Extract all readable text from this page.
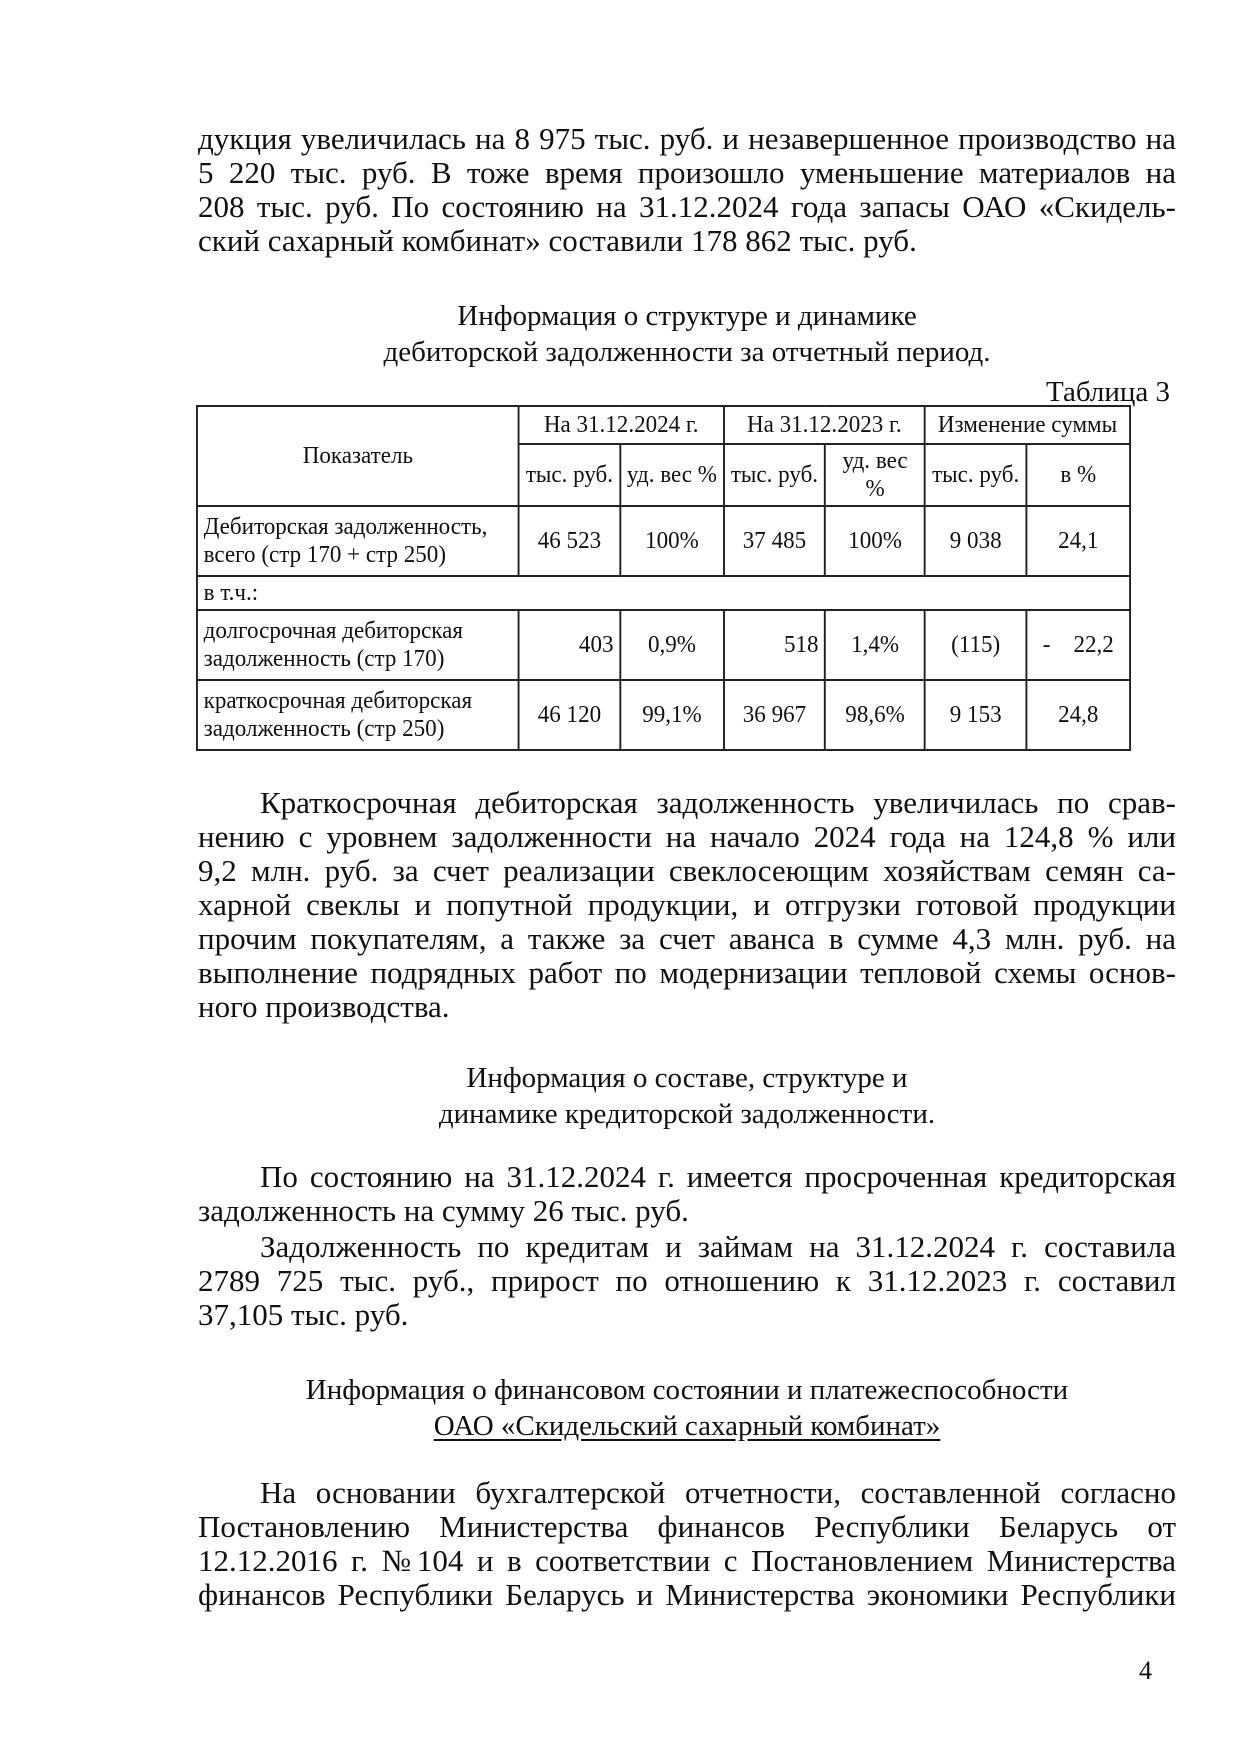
дукция увеличилась на 8 975 тыс. руб. и незавершенное производство на
5 220 тыс. руб. В тоже время произошло уменьшение материалов на
208 тыс. руб. По состоянию на 31.12.2024 года запасы ОАО «Скидель-
ский сахарный комбинат» составили 178 862 тыс. руб.
Информация о структуре и динамике
дебиторской задолженности за отчетный период.
Таблица 3
Показатель	На 31.12.2024 г.		На 31.12.2023 г.		Изменение суммы	
	тыс. руб.	уд. вес %	тыс. руб.	уд. вес %	тыс. руб.	в %
Дебиторская задолженность, всего (стр 170 + стр 250)	46 523	100%	37 485	100%	9 038	24,1
в т.ч.:						
долгосрочная дебиторская задолженность (стр 170)	403	0,9%	518	1,4%	(115)	-    22,2
краткосрочная дебиторская задолженность (стр 250)	46 120	99,1%	36 967	98,6%	9 153	24,8
Краткосрочная дебиторская задолженность увеличилась по срав-
нению с уровнем задолженности на начало 2024 года на 124,8 % или
9,2 млн. руб. за счет реализации свеклосеющим хозяйствам семян са-
харной свеклы и попутной продукции, и отгрузки готовой продукции
прочим покупателям, а также за счет аванса в сумме 4,3 млн. руб. на
выполнение подрядных работ по модернизации тепловой схемы основ-
ного производства.
Информация о составе, структуре и
динамике кредиторской задолженности.
По состоянию на 31.12.2024 г. имеется просроченная кредиторская
задолженность на сумму 26 тыс. руб.
Задолженность по кредитам и займам на 31.12.2024 г. составила
2789 725 тыс. руб., прирост по отношению к 31.12.2023 г. составил
37,105 тыс. руб.
Информация о финансовом состоянии и платежеспособности
ОАО «Скидельский сахарный комбинат»
На основании бухгалтерской отчетности, составленной согласно
Постановлению Министерства финансов Республики Беларусь от
12.12.2016 г. №104 и в соответствии с Постановлением Министерства
финансов Республики Беларусь и Министерства экономики Республики
4
